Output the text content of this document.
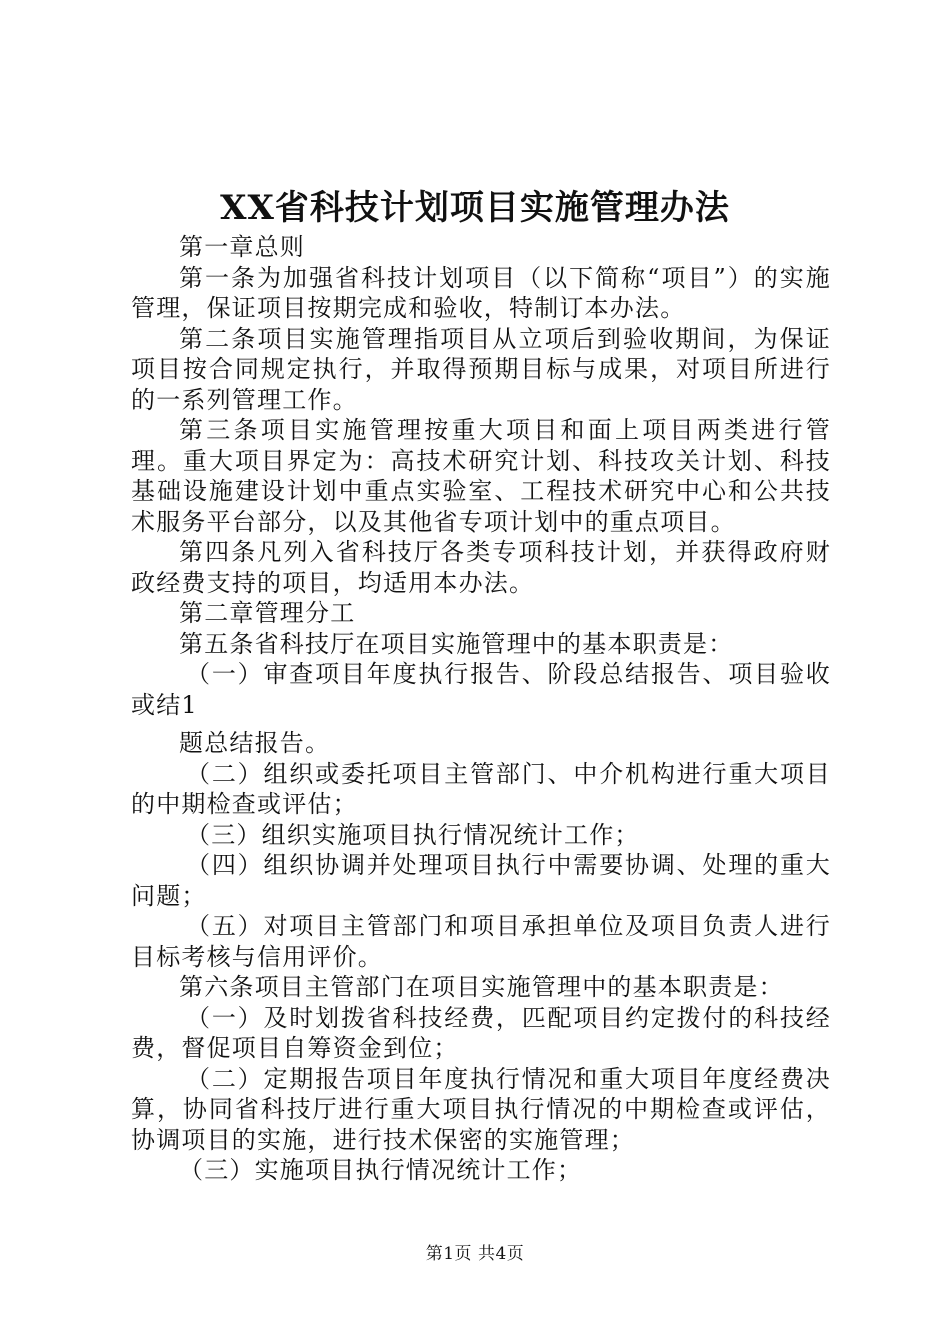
XX省科技计划项目实施管理办法

第一章总则

第一条为加强省科技计划项目（以下简称“项目”）的实施管理，保证项目按期完成和验收，特制订本办法。

第二条项目实施管理指项目从立项后到验收期间，为保证项目按合同规定执行，并取得预期目标与成果，对项目所进行的一系列管理工作。

第三条项目实施管理按重大项目和面上项目两类进行管理。重大项目界定为：高技术研究计划、科技攻关计划、科技基础设施建设计划中重点实验室、工程技术研究中心和公共技术服务平台部分，以及其他省专项计划中的重点项目。

第四条凡列入省科技厅各类专项科技计划，并获得政府财政经费支持的项目，均适用本办法。

第二章管理分工

第五条省科技厅在项目实施管理中的基本职责是：

（一）审查项目年度执行报告、阶段总结报告、项目验收或结1

题总结报告。

（二）组织或委托项目主管部门、中介机构进行重大项目的中期检查或评估；

（三）组织实施项目执行情况统计工作；

（四）组织协调并处理项目执行中需要协调、处理的重大问题；

（五）对项目主管部门和项目承担单位及项目负责人进行目标考核与信用评价。

第六条项目主管部门在项目实施管理中的基本职责是：

（一）及时划拨省科技经费，匹配项目约定拨付的科技经费，督促项目自筹资金到位；

（二）定期报告项目年度执行情况和重大项目年度经费决算，协同省科技厅进行重大项目执行情况的中期检查或评估，协调项目的实施，进行技术保密的实施管理；

（三）实施项目执行情况统计工作；

第1页 共4页
